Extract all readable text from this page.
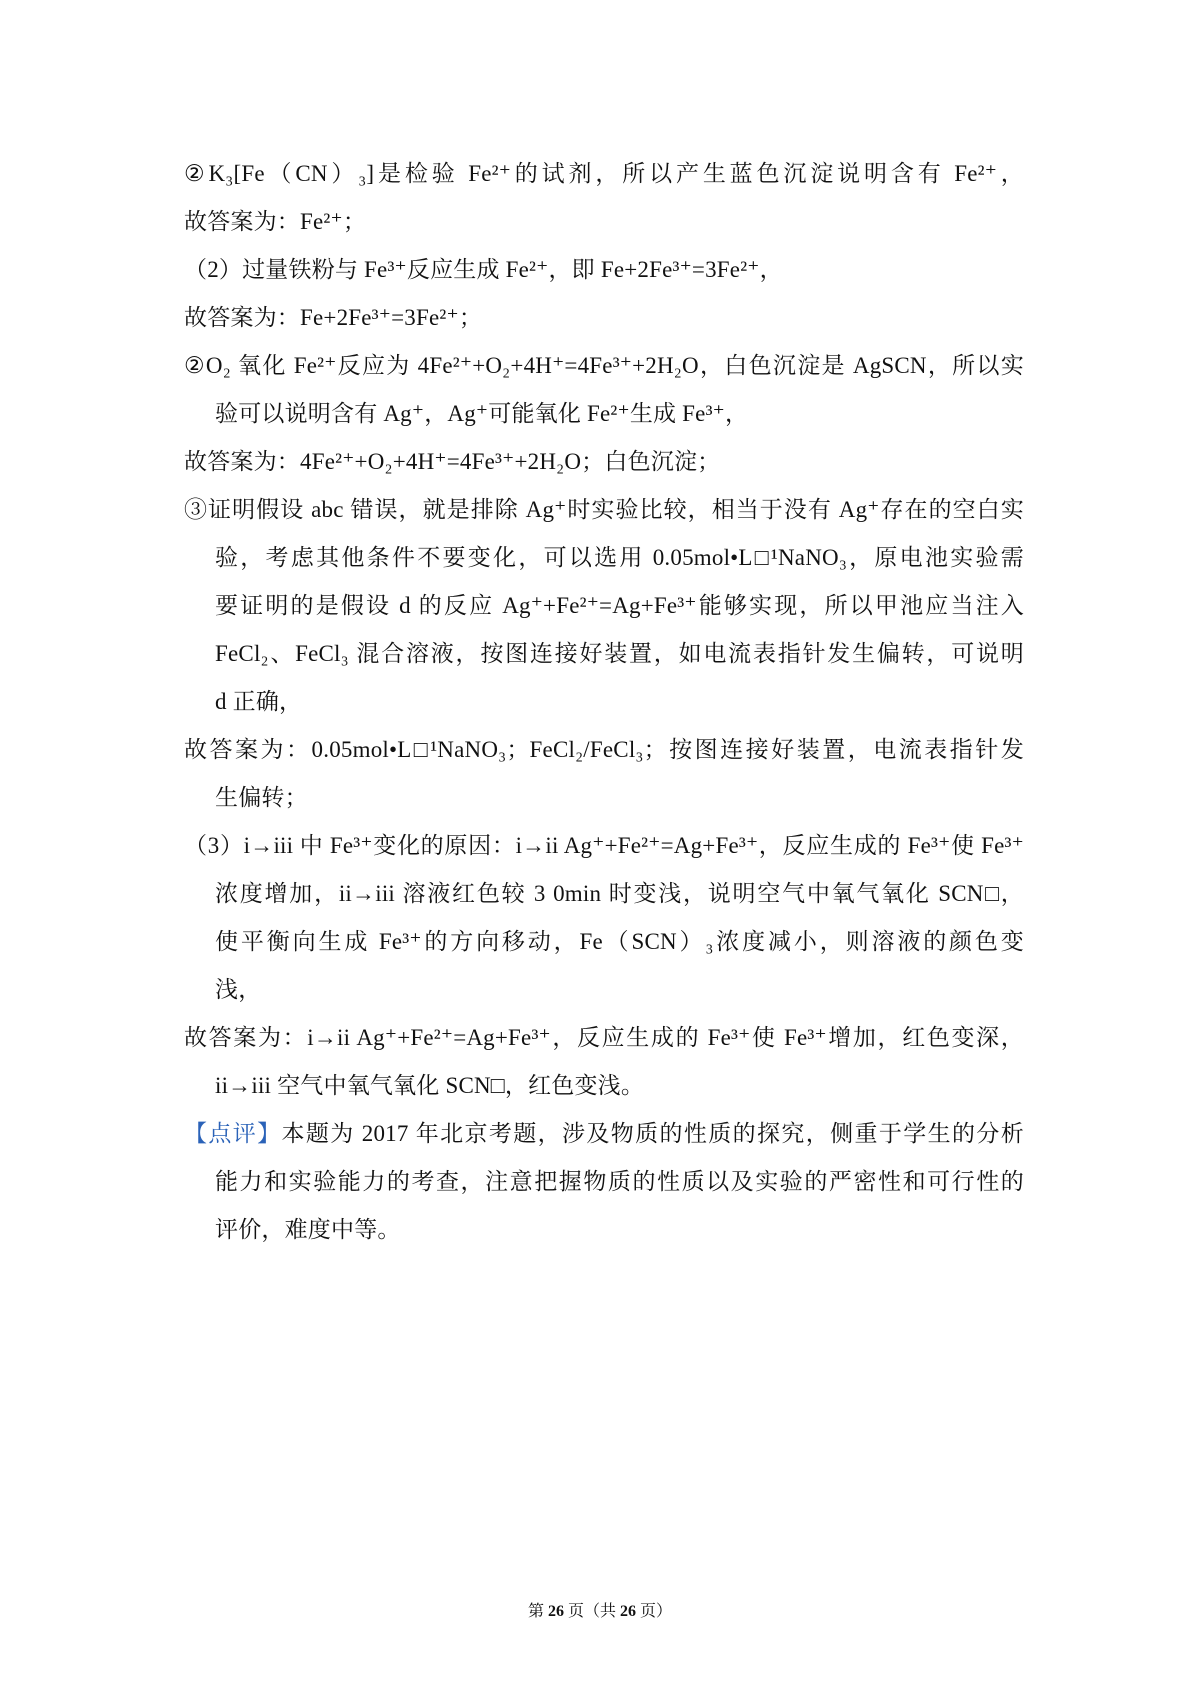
②K₃[Fe（CN）₃]是检验 Fe²⁺的试剂，所以产生蓝色沉淀说明含有 Fe²⁺，
故答案为：Fe²⁺；
（2）过量铁粉与 Fe³⁺反应生成 Fe²⁺，即 Fe+2Fe³⁺=3Fe²⁺，
故答案为：Fe+2Fe³⁺=3Fe²⁺；
②O₂ 氧化 Fe²⁺反应为 4Fe²⁺+O₂+4H⁺=4Fe³⁺+2H₂O，白色沉淀是 AgSCN，所以实
验可以说明含有 Ag⁺，Ag⁺可能氧化 Fe²⁺生成 Fe³⁺，
故答案为：4Fe²⁺+O₂+4H⁺=4Fe³⁺+2H₂O；白色沉淀；
③证明假设 abc 错误，就是排除 Ag⁺时实验比较，相当于没有 Ag⁺存在的空白实
验，考虑其他条件不要变化，可以选用 0.05mol•L□¹NaNO₃，原电池实验需
要证明的是假设 d 的反应 Ag⁺+Fe²⁺=Ag+Fe³⁺能够实现，所以甲池应当注入
FeCl₂、FeCl₃ 混合溶液，按图连接好装置，如电流表指针发生偏转，可说明
d 正确，
故答案为：0.05mol•L□¹NaNO₃；FeCl₂/FeCl₃；按图连接好装置，电流表指针发
生偏转；
（3）i→iii 中 Fe³⁺变化的原因：i→ii Ag⁺+Fe²⁺=Ag+Fe³⁺，反应生成的 Fe³⁺使 Fe³⁺
浓度增加，ii→iii 溶液红色较 3 0min 时变浅，说明空气中氧气氧化 SCN□，
使平衡向生成 Fe³⁺的方向移动，Fe（SCN）₃浓度减小，则溶液的颜色变
浅，
故答案为：i→ii Ag⁺+Fe²⁺=Ag+Fe³⁺，反应生成的 Fe³⁺使 Fe³⁺增加，红色变深，
ii→iii 空气中氧气氧化 SCN□，红色变浅。
【点评】本题为 2017 年北京考题，涉及物质的性质的探究，侧重于学生的分析
能力和实验能力的考查，注意把握物质的性质以及实验的严密性和可行性的
评价，难度中等。
第 26 页（共 26 页）
